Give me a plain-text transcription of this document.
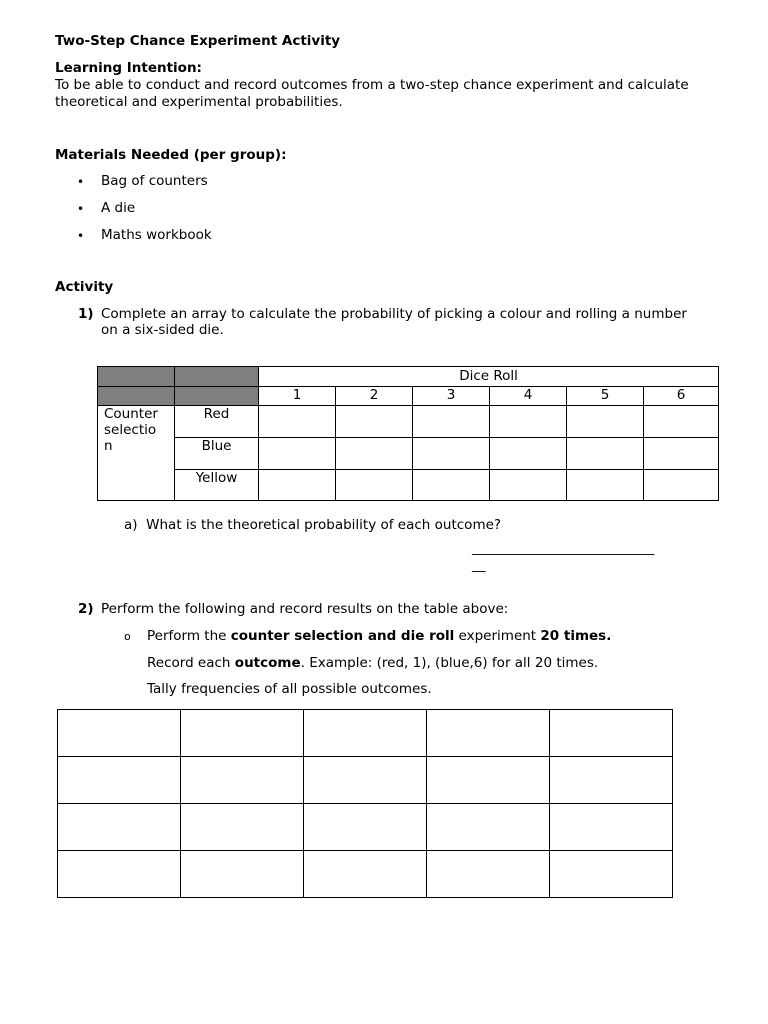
Two-Step Chance Experiment Activity
Learning Intention:
To be able to conduct and record outcomes from a two-step chance experiment and calculate theoretical and experimental probabilities.
Materials Needed (per group):
• Bag of counters
• A die
• Maths workbook
Activity
1) Complete an array to calculate the probability of picking a colour and rolling a number on a six-sided die.
		Dice Roll					
		1	2	3	4	5	6

Counter selectio n	Red						
	Blue						
	Yellow						
a) What is the theoretical probability of each outcome?
___________________________
__
2) Perform the following and record results on the table above:
o Perform the counter selection and die roll experiment 20 times.
Record each outcome. Example: (red, 1), (blue,6) for all 20 times.
Tally frequencies of all possible outcomes.
